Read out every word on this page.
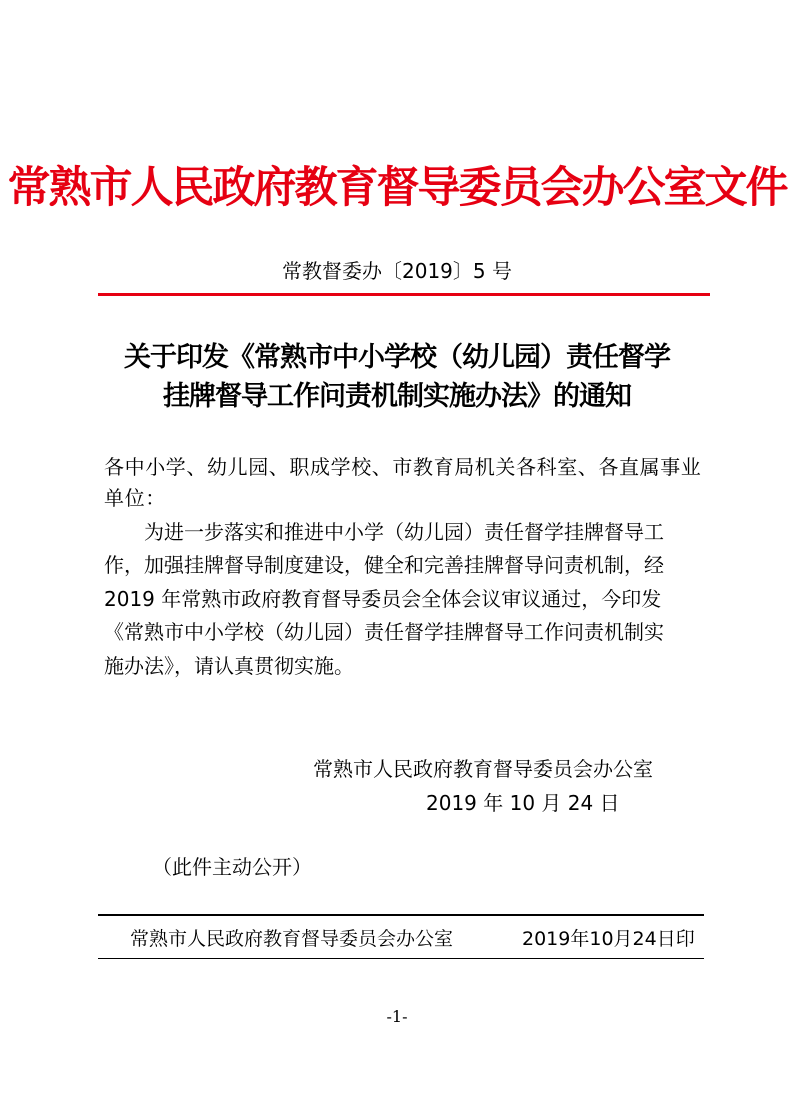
常熟市人民政府教育督导委员会办公室文件
常教督委办〔2019〕5 号
关于印发《常熟市中小学校（幼儿园）责任督学
挂牌督导工作问责机制实施办法》的通知
各中小学、幼儿园、职成学校、市教育局机关各科室、各直属事业单位：
　　为进一步落实和推进中小学（幼儿园）责任督学挂牌督导工
作，加强挂牌督导制度建设，健全和完善挂牌督导问责机制，经
2019 年常熟市政府教育督导委员会全体会议审议通过，今印发
《常熟市中小学校（幼儿园）责任督学挂牌督导工作问责机制实
施办法》，请认真贯彻实施。
常熟市人民政府教育督导委员会办公室
2019 年 10 月 24 日
（此件主动公开）
常熟市人民政府教育督导委员会办公室	2019年10月24日印
-1-
